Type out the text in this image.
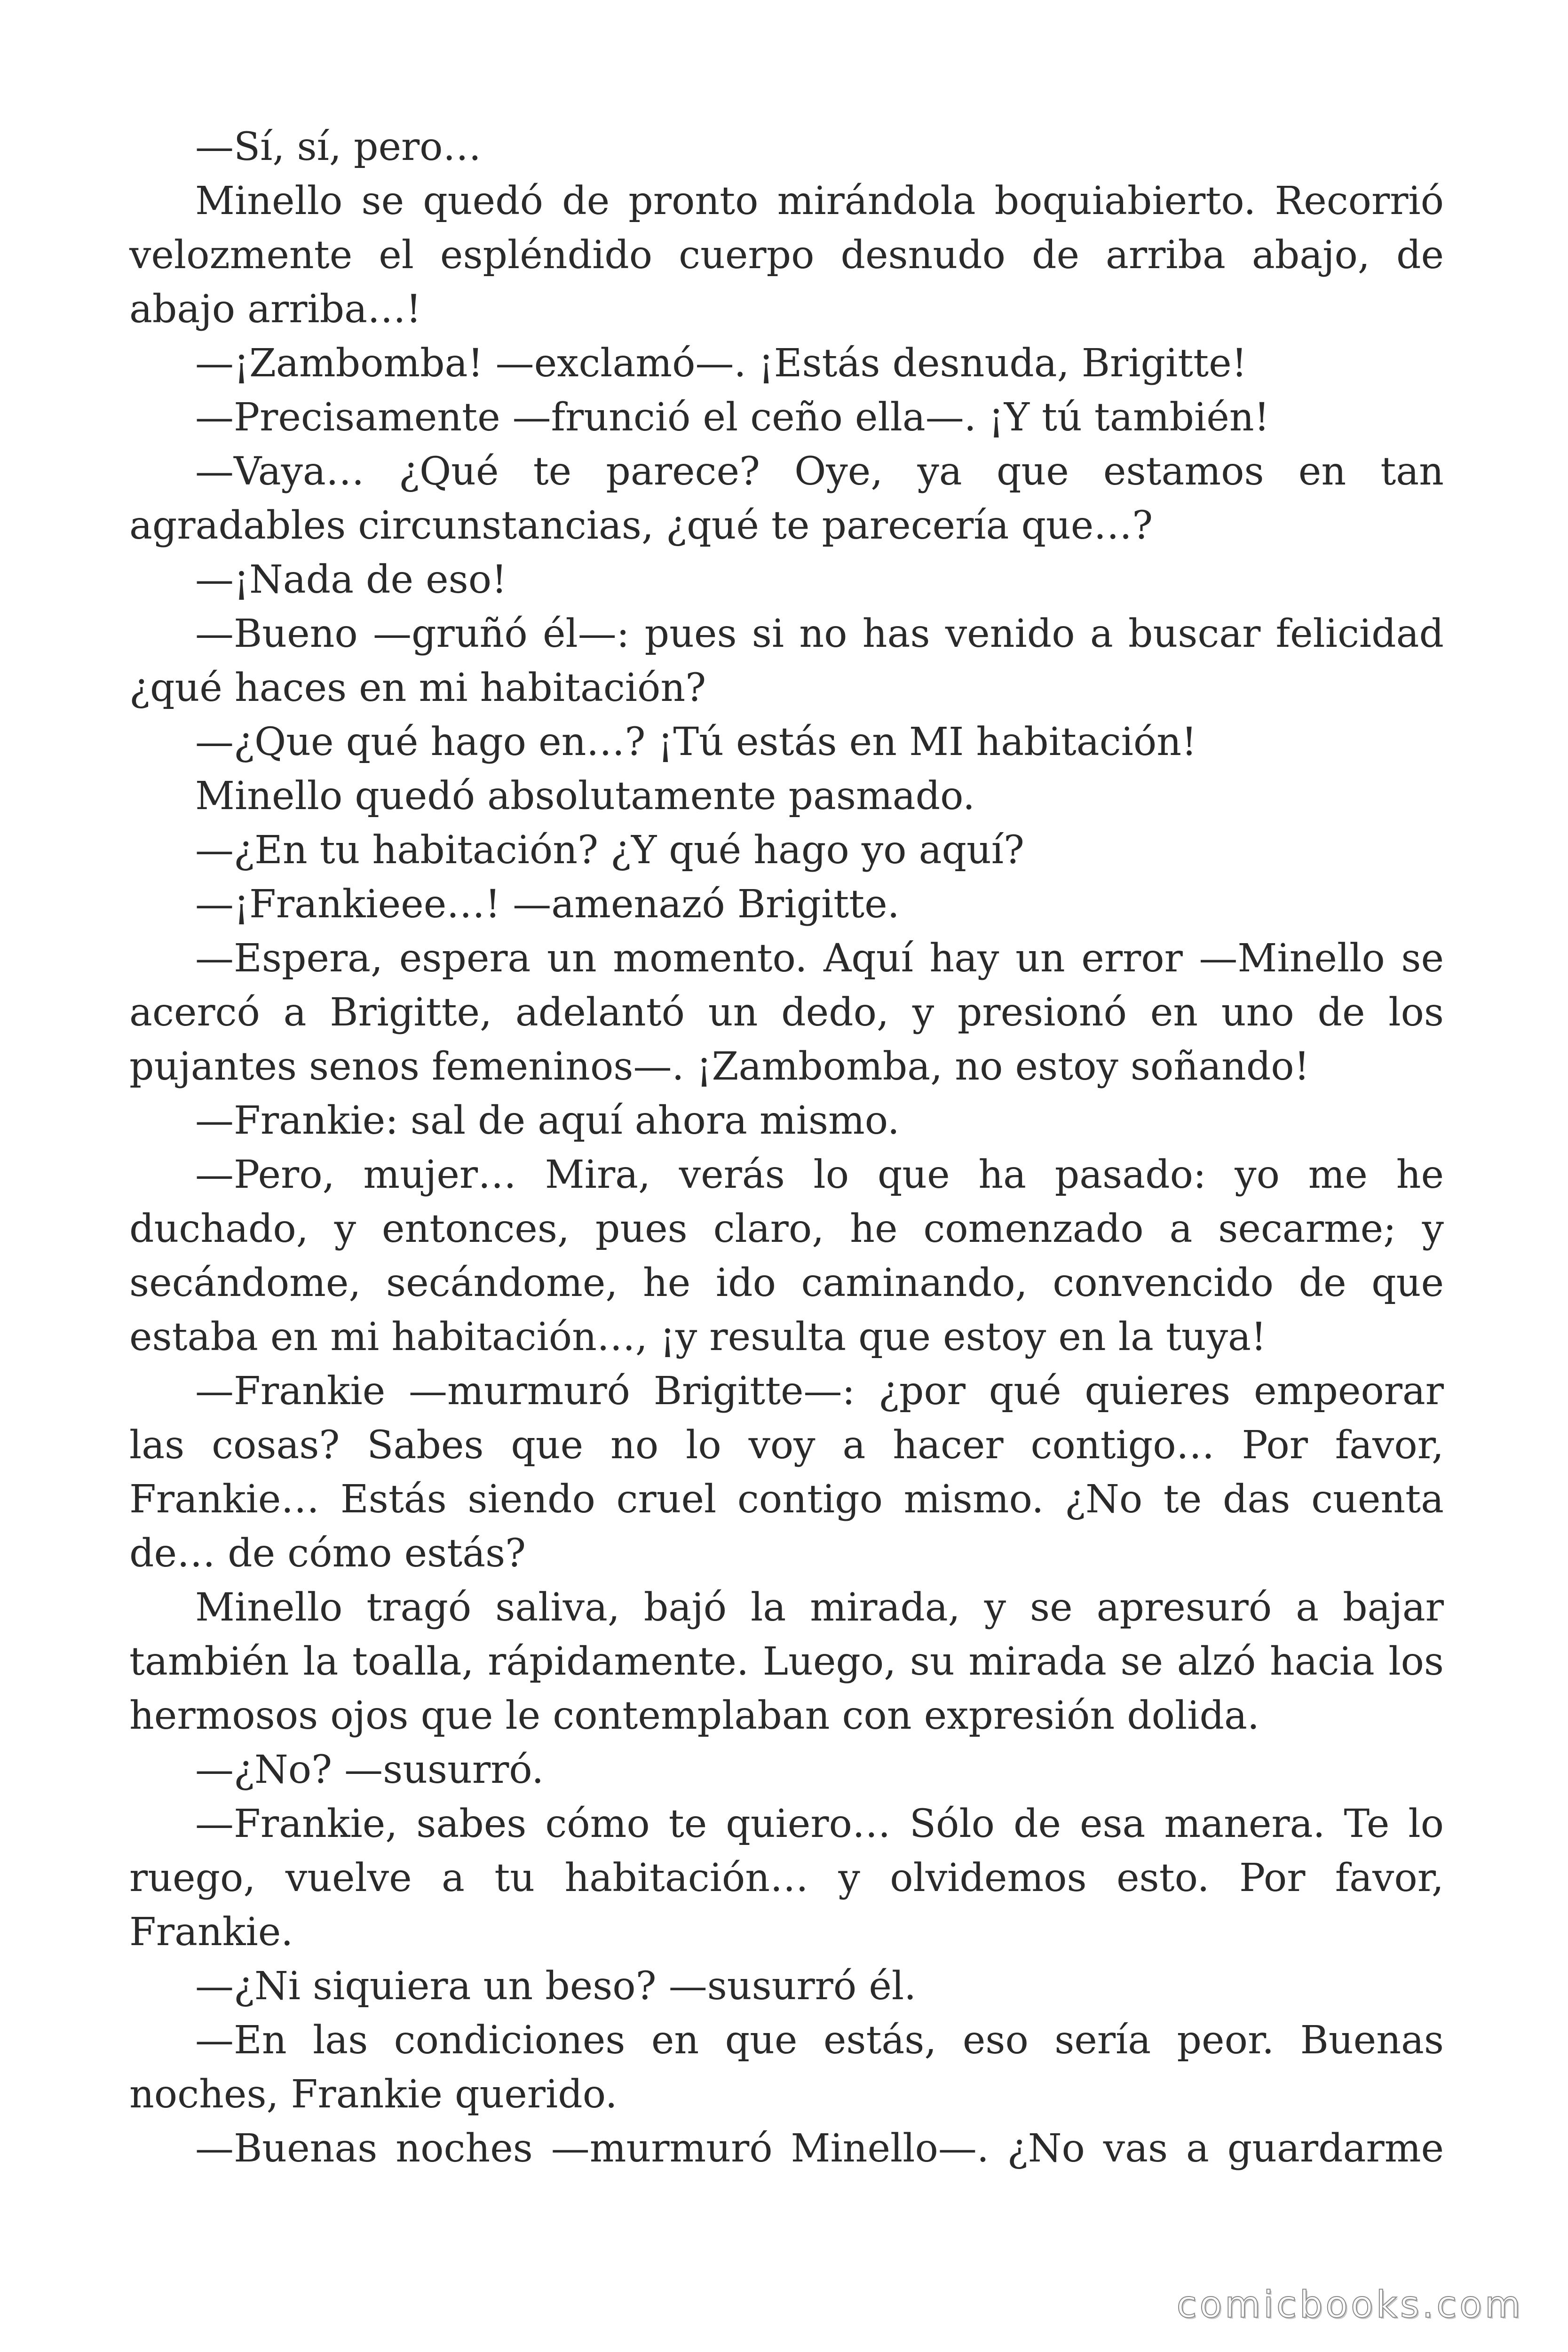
—Sí, sí, pero…

Minello se quedó de pronto mirándola boquiabierto. Recorrió velozmente el espléndido cuerpo desnudo de arriba abajo, de abajo arriba…!

—¡Zambomba! —exclamó—. ¡Estás desnuda, Brigitte!

—Precisamente —frunció el ceño ella—. ¡Y tú también!

—Vaya… ¿Qué te parece? Oye, ya que estamos en tan agradables circunstancias, ¿qué te parecería que…?

—¡Nada de eso!

—Bueno —gruñó él—: pues si no has venido a buscar felicidad ¿qué haces en mi habitación?

—¿Que qué hago en…? ¡Tú estás en MI habitación!

Minello quedó absolutamente pasmado.

—¿En tu habitación? ¿Y qué hago yo aquí?

—¡Frankieee…! —amenazó Brigitte.

—Espera, espera un momento. Aquí hay un error —Minello se acercó a Brigitte, adelantó un dedo, y presionó en uno de los pujantes senos femeninos—. ¡Zambomba, no estoy soñando!

—Frankie: sal de aquí ahora mismo.

—Pero, mujer… Mira, verás lo que ha pasado: yo me he duchado, y entonces, pues claro, he comenzado a secarme; y secándome, secándome, he ido caminando, convencido de que estaba en mi habitación…, ¡y resulta que estoy en la tuya!

—Frankie —murmuró Brigitte—: ¿por qué quieres empeorar las cosas? Sabes que no lo voy a hacer contigo… Por favor, Frankie… Estás siendo cruel contigo mismo. ¿No te das cuenta de… de cómo estás?

Minello tragó saliva, bajó la mirada, y se apresuró a bajar también la toalla, rápidamente. Luego, su mirada se alzó hacia los hermosos ojos que le contemplaban con expresión dolida.

—¿No? —susurró.

—Frankie, sabes cómo te quiero… Sólo de esa manera. Te lo ruego, vuelve a tu habitación… y olvidemos esto. Por favor, Frankie.

—¿Ni siquiera un beso? —susurró él.

—En las condiciones en que estás, eso sería peor. Buenas noches, Frankie querido.

—Buenas noches —murmuró Minello—. ¿No vas a guardarme

comicbooks.com
